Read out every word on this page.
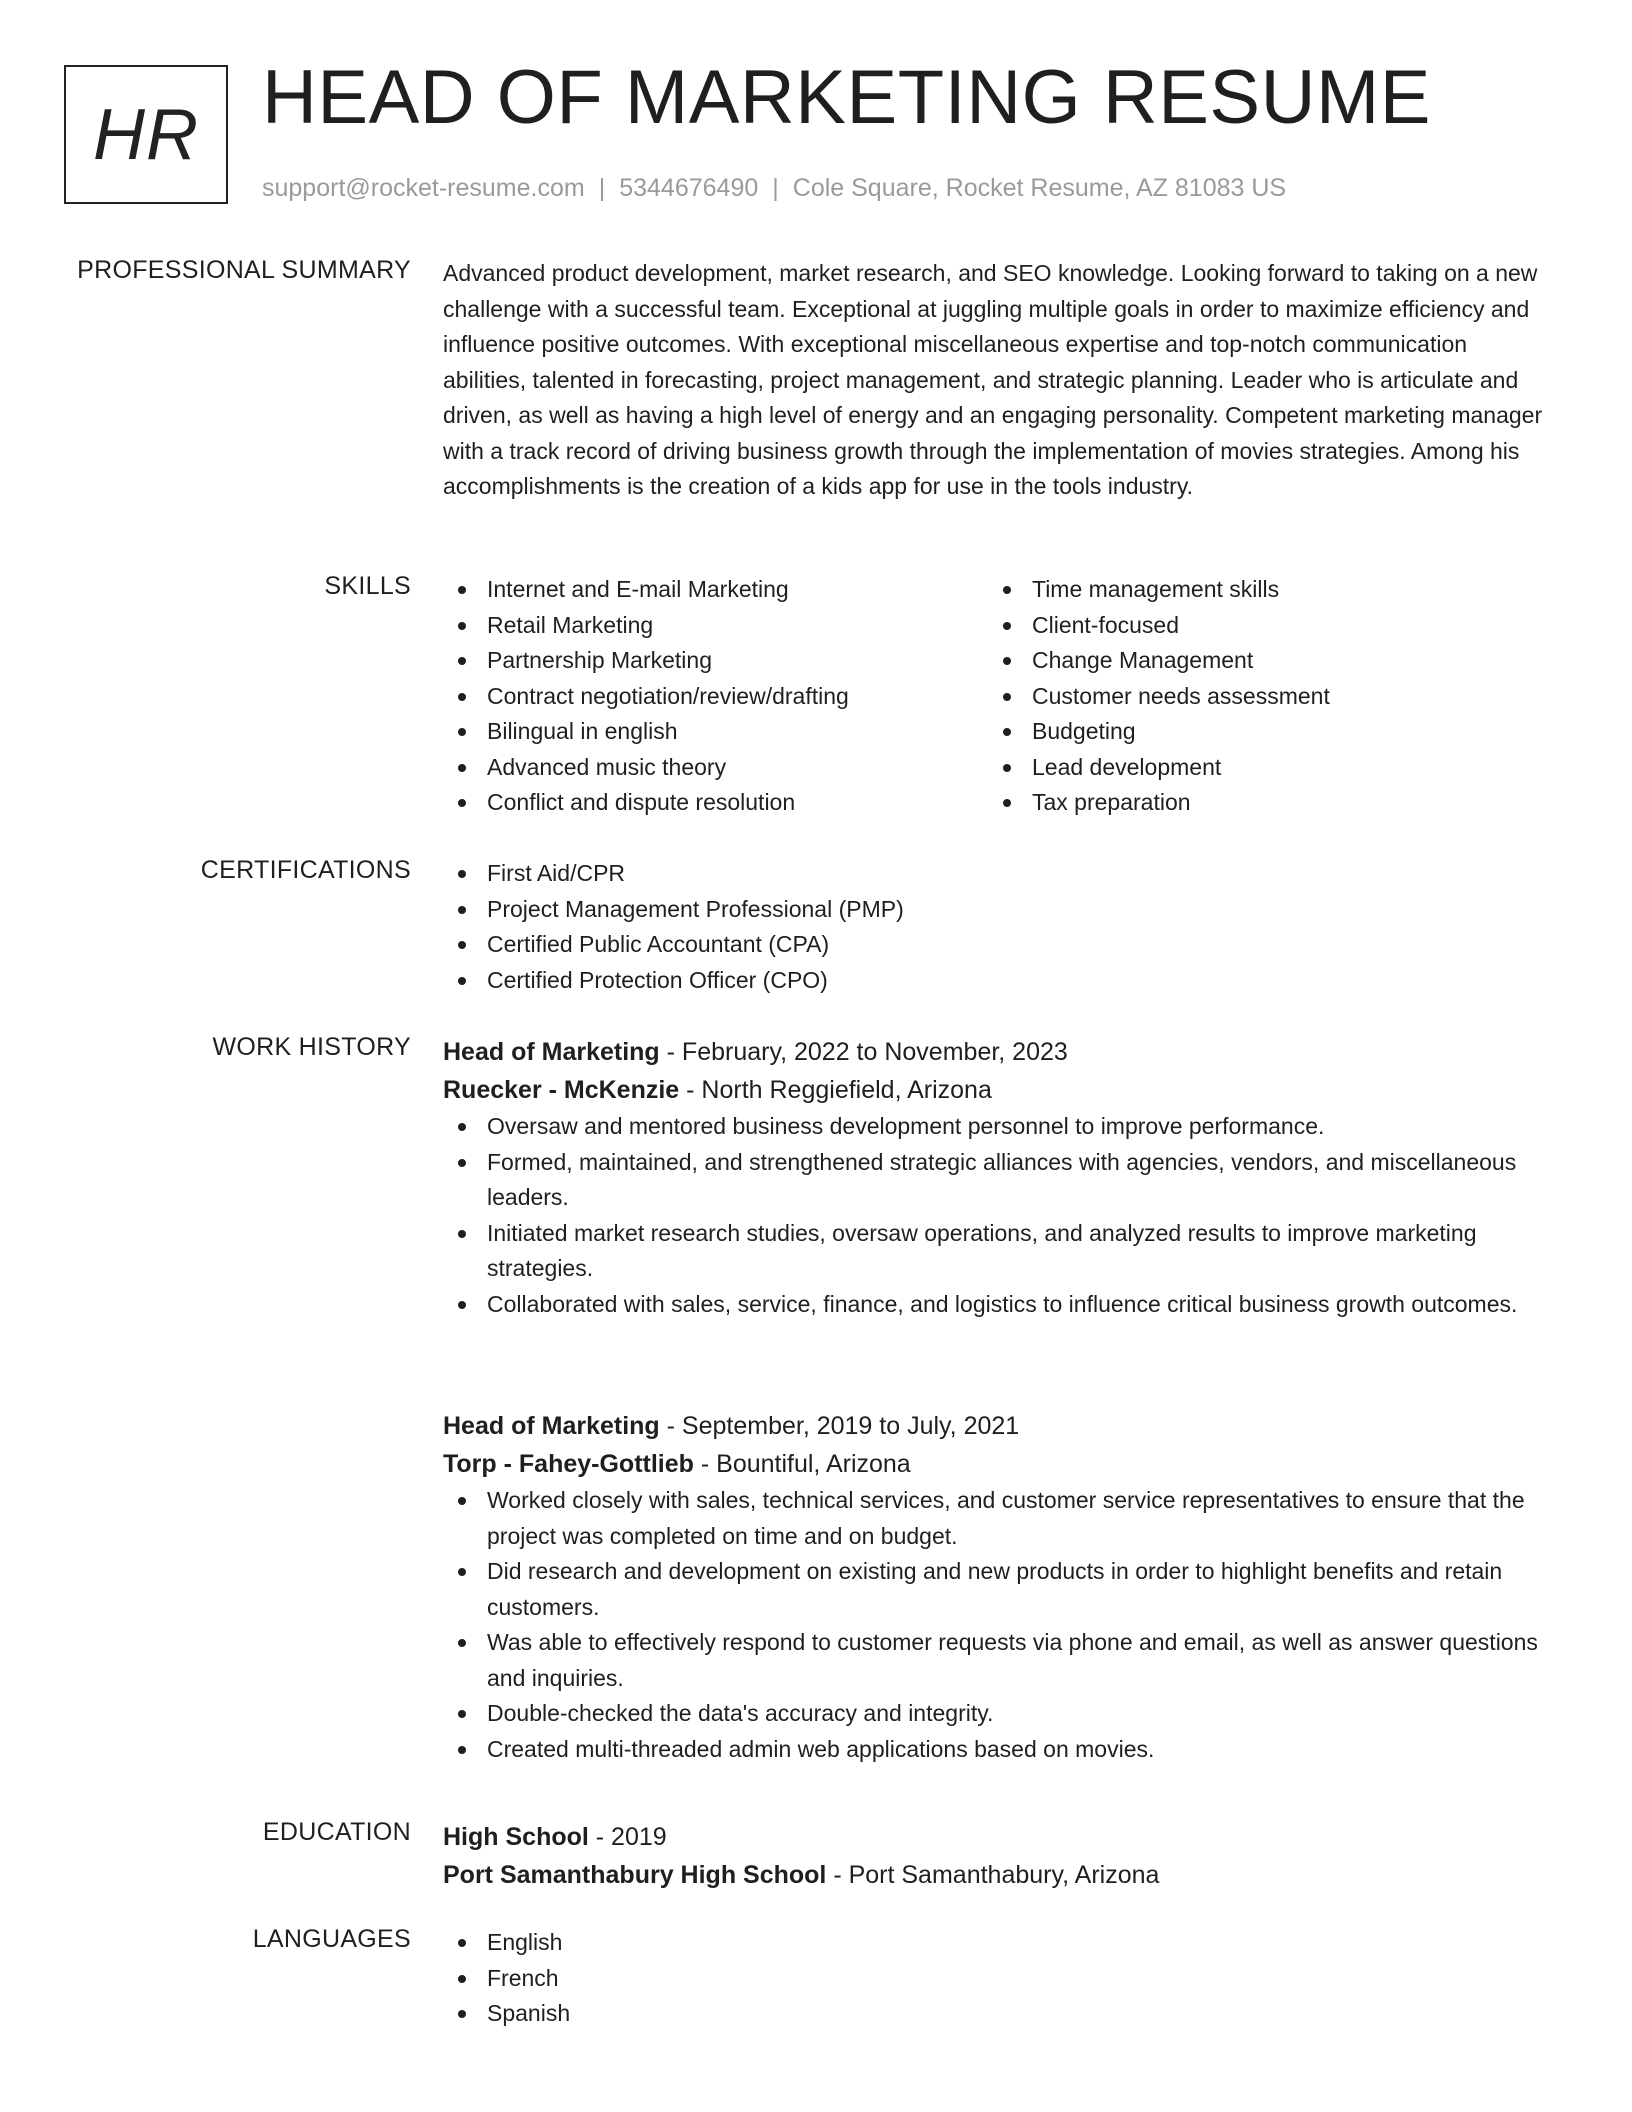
HR HEAD OF MARKETING RESUME
support@rocket-resume.com | 5344676490 | Cole Square, Rocket Resume, AZ 81083 US
PROFESSIONAL SUMMARY Advanced product development, market research, and SEO knowledge. Looking forward to taking on a new challenge with a successful team. Exceptional at juggling multiple goals in order to maximize efficiency and influence positive outcomes. With exceptional miscellaneous expertise and top-notch communication abilities, talented in forecasting, project management, and strategic planning. Leader who is articulate and driven, as well as having a high level of energy and an engaging personality. Competent marketing manager with a track record of driving business growth through the implementation of movies strategies. Among his accomplishments is the creation of a kids app for use in the tools industry.
SKILLS	Internet and E-mail Marketing
Retail Marketing
Partnership Marketing
Contract negotiation/review/drafting
Bilingual in english
Advanced music theory
Conflict and dispute resolution
Time management skills
Client-focused
Change Management
Customer needs assessment
Budgeting
Lead development
Tax preparation
CERTIFICATIONS	First Aid/CPR
Project Management Professional (PMP)
Certified Public Accountant (CPA)
Certified Protection Officer (CPO)
WORK HISTORY Head of Marketing - February, 2022 to November, 2023
Ruecker - McKenzie - North Reggiefield, Arizona
Oversaw and mentored business development personnel to improve performance.
Formed, maintained, and strengthened strategic alliances with agencies, vendors, and miscellaneous leaders.
Initiated market research studies, oversaw operations, and analyzed results to improve marketing strategies.
Collaborated with sales, service, finance, and logistics to influence critical business growth outcomes.
Head of Marketing - September, 2019 to July, 2021
Torp - Fahey-Gottlieb - Bountiful, Arizona
Worked closely with sales, technical services, and customer service representatives to ensure that the project was completed on time and on budget.
Did research and development on existing and new products in order to highlight benefits and retain customers.
Was able to effectively respond to customer requests via phone and email, as well as answer questions and inquiries.
Double-checked the data's accuracy and integrity.
Created multi-threaded admin web applications based on movies.
EDUCATION High School - 2019
Port Samanthabury High School - Port Samanthabury, Arizona
LANGUAGES	English
French
Spanish
